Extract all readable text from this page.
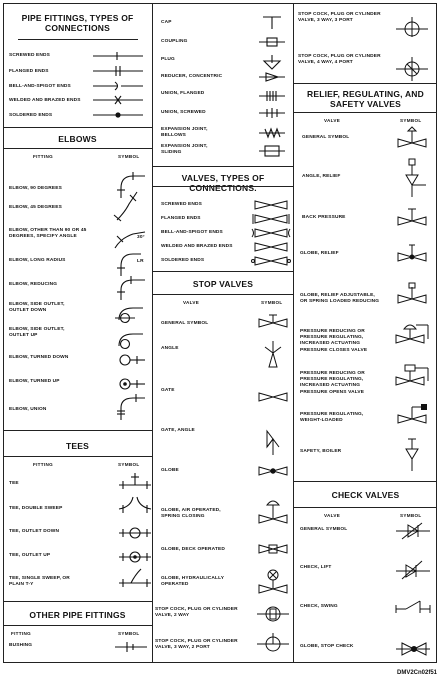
PIPE FITTINGS, TYPES OF CONNECTIONS
SCREWED ENDS
FLANGED ENDS
BELL-AND-SPIGOT ENDS
WELDED AND BRAZED ENDS
SOLDERED ENDS
ELBOWS
FITTING	SYMBOL
ELBOW, 90 DEGREES
ELBOW, 45 DEGREES
ELBOW, OTHER THAN 90 OR 45
DEGREES, SPECIFY ANGLE
ELBOW, LONG RADIUS
ELBOW, REDUCING
ELBOW, SIDE OUTLET,
OUTLET DOWN
ELBOW, SIDE OUTLET,
OUTLET UP
ELBOW, TURNED DOWN
ELBOW, TURNED UP
ELBOW, UNION
30°
LR
TEES
FITTING	SYMBOL
TEE
TEE, DOUBLE SWEEP
TEE, OUTLET DOWN
TEE, OUTLET UP
TEE, SINGLE SWEEP, OR
PLAIN T-Y
OTHER PIPE FITTINGS
FITTING	SYMBOL
BUSHING
CAP
COUPLING
PLUG
REDUCER, CONCENTRIC
UNION, FLANGED
UNION, SCREWED
EXPANSION JOINT,
BELLOWS
EXPANSION JOINT,
SLIDING
VALVES, TYPES OF CONNECTIONS.
SCREWED ENDS
FLANGED ENDS
BELL-AND-SPIGOT ENDS
WELDED AND BRAZED ENDS
SOLDERED ENDS
STOP VALVES
VALVE	SYMBOL
GENERAL SYMBOL
ANGLE
GATE
GATE, ANGLE
GLOBE
GLOBE, AIR OPERATED,
SPRING CLOSING
GLOBE, DECK OPERATED
GLOBE, HYDRAULICALLY
OPERATED
STOP COCK, PLUG OR CYLINDER
VALVE, 2 WAY
STOP COCK, PLUG OR CYLINDER
VALVE, 3 WAY, 2 PORT
STOP COCK, PLUG OR CYLINDER
VALVE, 3 WAY, 3 PORT
STOP COCK, PLUG OR CYLINDER
VALVE, 4 WAY, 4 PORT
RELIEF, REGULATING, AND SAFETY VALVES
VALVE	SYMBOL
GENERAL SYMBOL
ANGLE, RELIEF
BACK PRESSURE
GLOBE, RELIEF
GLOBE, RELIEF ADJUSTABLE,
OR SPRING LOADED REDUCING
PRESSURE REDUCING OR
PRESSURE REGULATING,
INCREASED ACTUATING
PRESSURE CLOSES VALVE
PRESSURE REDUCING OR
PRESSURE REGULATING,
INCREASED ACTUATING
PRESSURE OPENS VALVE
PRESSURE REGULATING,
WEIGHT-LOADED
SAFETY, BOILER
CHECK VALVES
VALVE	SYMBOL
GENERAL SYMBOL
CHECK, LIFT
CHECK, SWING
GLOBE, STOP CHECK
DMV2Cn02f51
